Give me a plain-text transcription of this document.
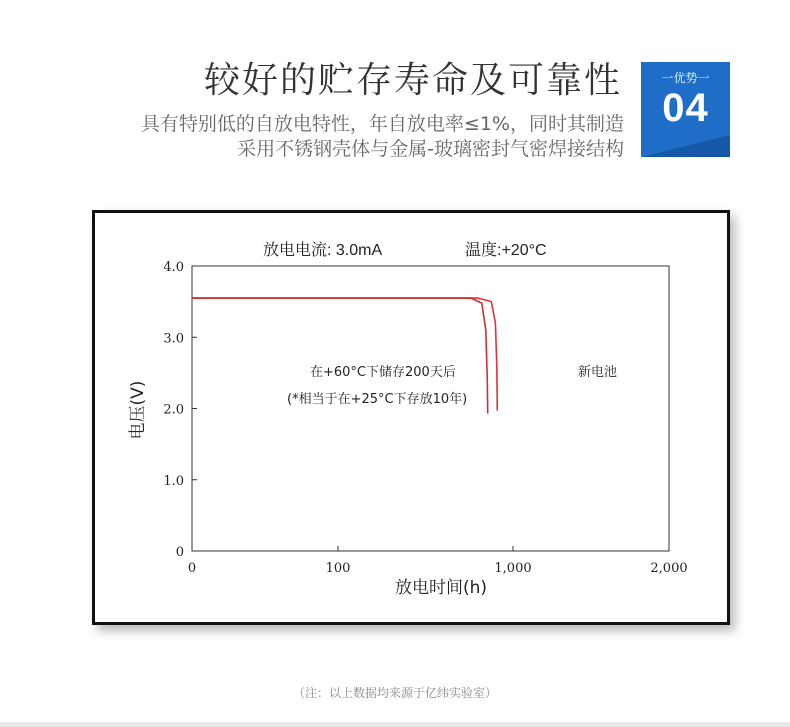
较好的贮存寿命及可靠性
具有特别低的自放电特性，年自放电率≤1%，同时其制造
采用不锈钢壳体与金属-玻璃密封气密焊接结构
一优势一
04
0
1.0
2.0
3.0
4.0
0	100	1,000	2,000
放电电流: 3.0mA	温度:+20°C
在+60°C下储存200天后
(*相当于在+25°C下存放10年)
新电池
放电时间(h)
电压(V)
（注：以上数据均来源于亿纬实验室）
